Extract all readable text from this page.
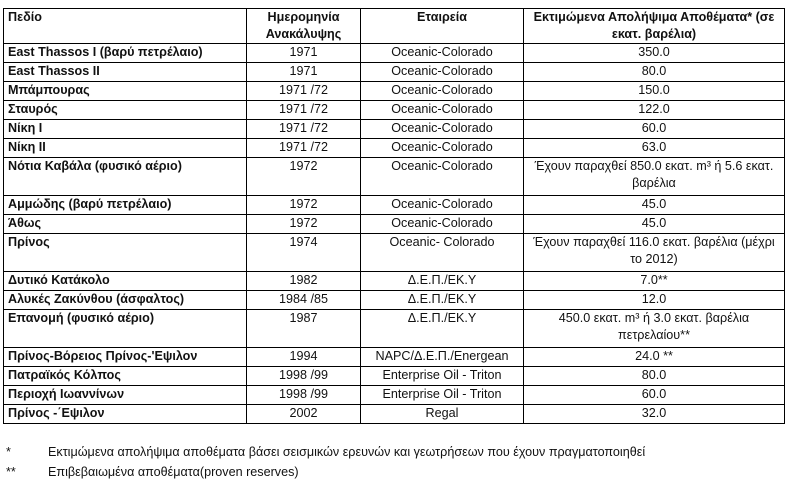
Πεδίο	Ημερομηνία Ανακάλυψης	Εταιρεία	Εκτιμώμενα Απολήψιμα Αποθέματα* (σε εκατ. βαρέλια)
East Thassos Ι (βαρύ πετρέλαιο)	1971	Oceanic-Colorado	350.0
East Thassos ΙΙ	1971	Oceanic-Colorado	80.0
Μπάμπουρας	1971 /72	Oceanic-Colorado	150.0
Σταυρός	1971 /72	Oceanic-Colorado	122.0
Νίκη Ι	1971 /72	Oceanic-Colorado	60.0
Νίκη ΙΙ	1971 /72	Oceanic-Colorado	63.0
Νότια Καβάλα (φυσικό αέριο)	1972	Oceanic-Colorado	Έχουν παραχθεί 850.0 εκατ. m³ ή 5.6 εκατ. βαρέλια
Αμμώδης (βαρύ πετρέλαιο)	1972	Oceanic-Colorado	45.0
Άθως	1972	Oceanic-Colorado	45.0
Πρίνος	1974	Oceanic- Colorado	Έχουν παραχθεί 116.0 εκατ. βαρέλια (μέχρι το 2012)
Δυτικό Κατάκολο	1982	Δ.Ε.Π./ΕΚ.Υ	7.0**
Αλυκές Ζακύνθου (άσφαλτος)	1984 /85	Δ.Ε.Π./ΕΚ.Υ	12.0
Επανομή (φυσικό αέριο)	1987	Δ.Ε.Π./ΕΚ.Υ	450.0 εκατ. m³ ή 3.0 εκατ. βαρέλια πετρελαίου**
Πρίνος-Βόρειος Πρίνος-'Εψιλον	1994	NAPC/Δ.Ε.Π./Energean	24.0 **
Πατραϊκός Κόλπος	1998 /99	Enterprise Oil - Triton	80.0
Περιοχή Ιωαννίνων	1998 /99	Enterprise Oil - Triton	60.0
Πρίνος -΄Εψιλον	2002	Regal	32.0
*	Εκτιμώμενα απολήψιμα αποθέματα βάσει σεισμικών ερευνών και γεωτρήσεων που έχουν πραγματοποιηθεί
**	Επιβεβαιωμένα αποθέματα(proven reserves)
